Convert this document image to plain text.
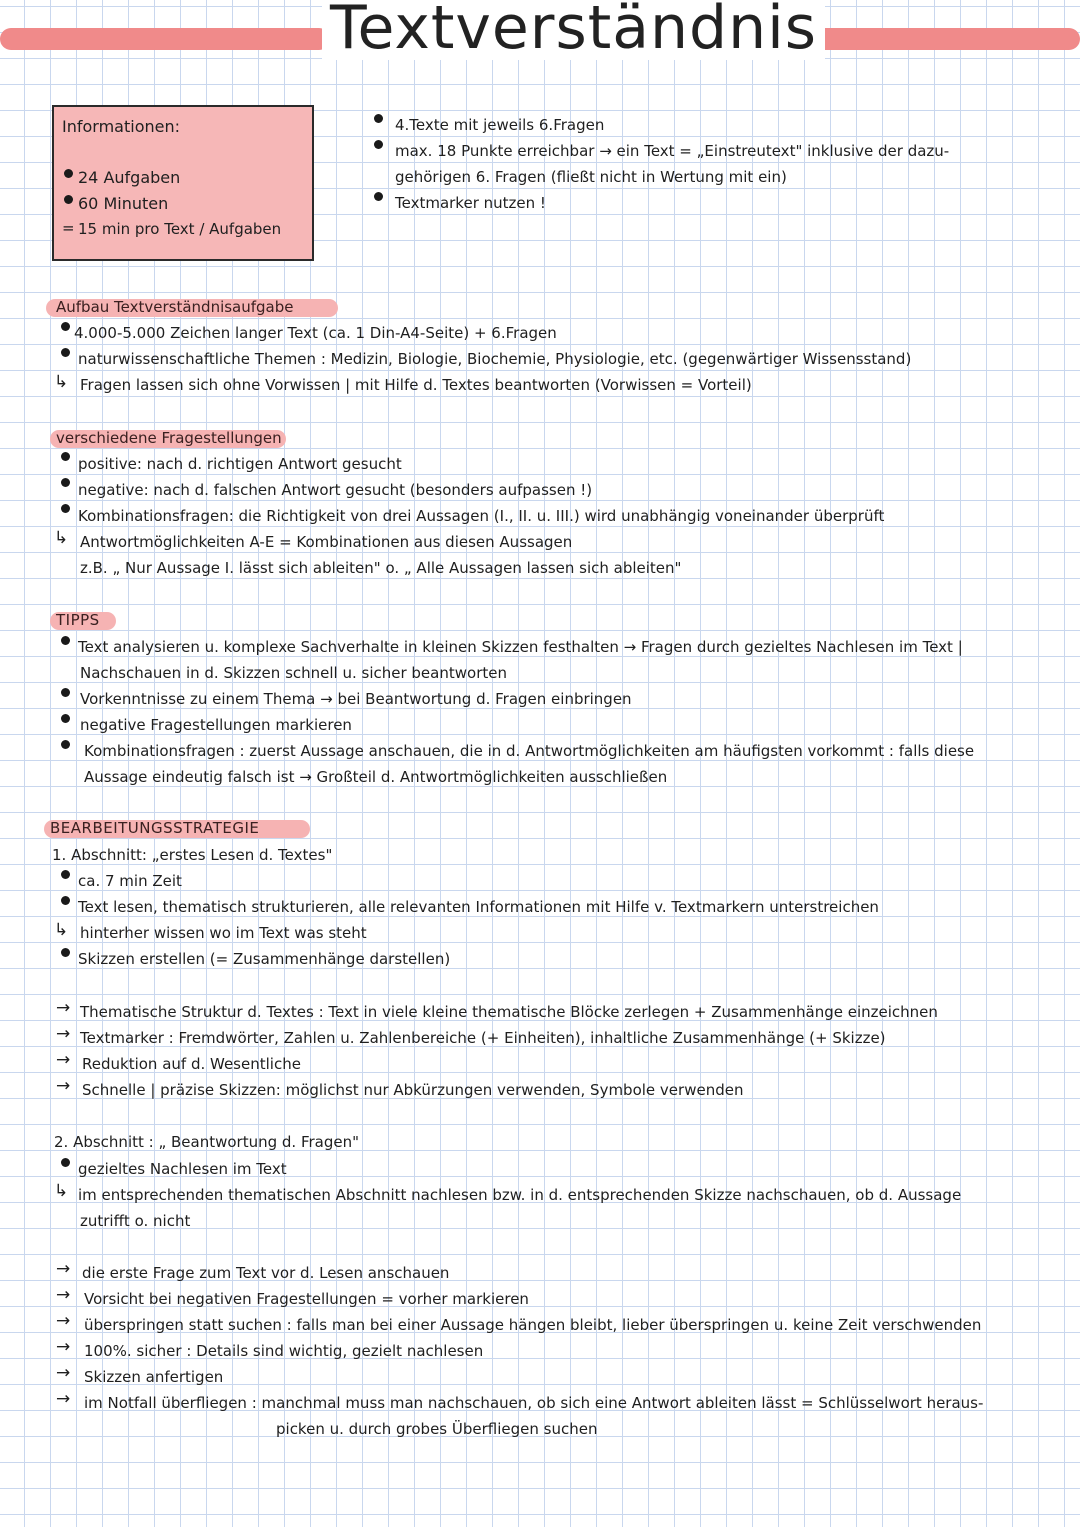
Textverständnis
Informationen:
24 Aufgaben
60 Minuten
= 15 min pro Text / Aufgaben
4.Texte mit jeweils 6.Fragen
max. 18 Punkte erreichbar → ein Text = „Einstreutext" inklusive der dazu-
gehörigen 6. Fragen (fließt nicht in Wertung mit ein)
Textmarker nutzen !
Aufbau Textverständnisaufgabe
4.000-5.000 Zeichen langer Text (ca. 1 Din-A4-Seite) + 6.Fragen
naturwissenschaftliche Themen : Medizin, Biologie, Biochemie, Physiologie, etc. (gegenwärtiger Wissensstand)
↳ Fragen lassen sich ohne Vorwissen | mit Hilfe d. Textes beantworten (Vorwissen = Vorteil)
verschiedene Fragestellungen
positive: nach d. richtigen Antwort gesucht
negative: nach d. falschen Antwort gesucht (besonders aufpassen !)
Kombinationsfragen: die Richtigkeit von drei Aussagen (I., II. u. III.) wird unabhängig voneinander überprüft
↳ Antwortmöglichkeiten A-E = Kombinationen aus diesen Aussagen
z.B. „ Nur Aussage I. lässt sich ableiten" o. „ Alle Aussagen lassen sich ableiten"
TIPPS
Text analysieren u. komplexe Sachverhalte in kleinen Skizzen festhalten → Fragen durch gezieltes Nachlesen im Text |
Nachschauen in d. Skizzen schnell u. sicher beantworten
Vorkenntnisse zu einem Thema → bei Beantwortung d. Fragen einbringen
negative Fragestellungen markieren
Kombinationsfragen : zuerst Aussage anschauen, die in d. Antwortmöglichkeiten am häufigsten vorkommt : falls diese
Aussage eindeutig falsch ist → Großteil d. Antwortmöglichkeiten ausschließen
BEARBEITUNGSSTRATEGIE
1. Abschnitt: „erstes Lesen d. Textes"
ca. 7 min Zeit
Text lesen, thematisch strukturieren, alle relevanten Informationen mit Hilfe v. Textmarkern unterstreichen
↳ hinterher wissen wo im Text was steht
Skizzen erstellen (= Zusammenhänge darstellen)
→ Thematische Struktur d. Textes : Text in viele kleine thematische Blöcke zerlegen + Zusammenhänge einzeichnen
→ Textmarker : Fremdwörter, Zahlen u. Zahlenbereiche (+ Einheiten), inhaltliche Zusammenhänge (+ Skizze)
→ Reduktion auf d. Wesentliche
→ Schnelle | präzise Skizzen: möglichst nur Abkürzungen verwenden, Symbole verwenden
2. Abschnitt : „ Beantwortung d. Fragen"
gezieltes Nachlesen im Text
↳ im entsprechenden thematischen Abschnitt nachlesen bzw. in d. entsprechenden Skizze nachschauen, ob d. Aussage
zutrifft o. nicht
→ die erste Frage zum Text vor d. Lesen anschauen
→ Vorsicht bei negativen Fragestellungen = vorher markieren
→ überspringen statt suchen : falls man bei einer Aussage hängen bleibt, lieber überspringen u. keine Zeit verschwenden
→ 100%. sicher : Details sind wichtig, gezielt nachlesen
→ Skizzen anfertigen
→ im Notfall überfliegen : manchmal muss man nachschauen, ob sich eine Antwort ableiten lässt = Schlüsselwort heraus-
picken u. durch grobes Überfliegen suchen
